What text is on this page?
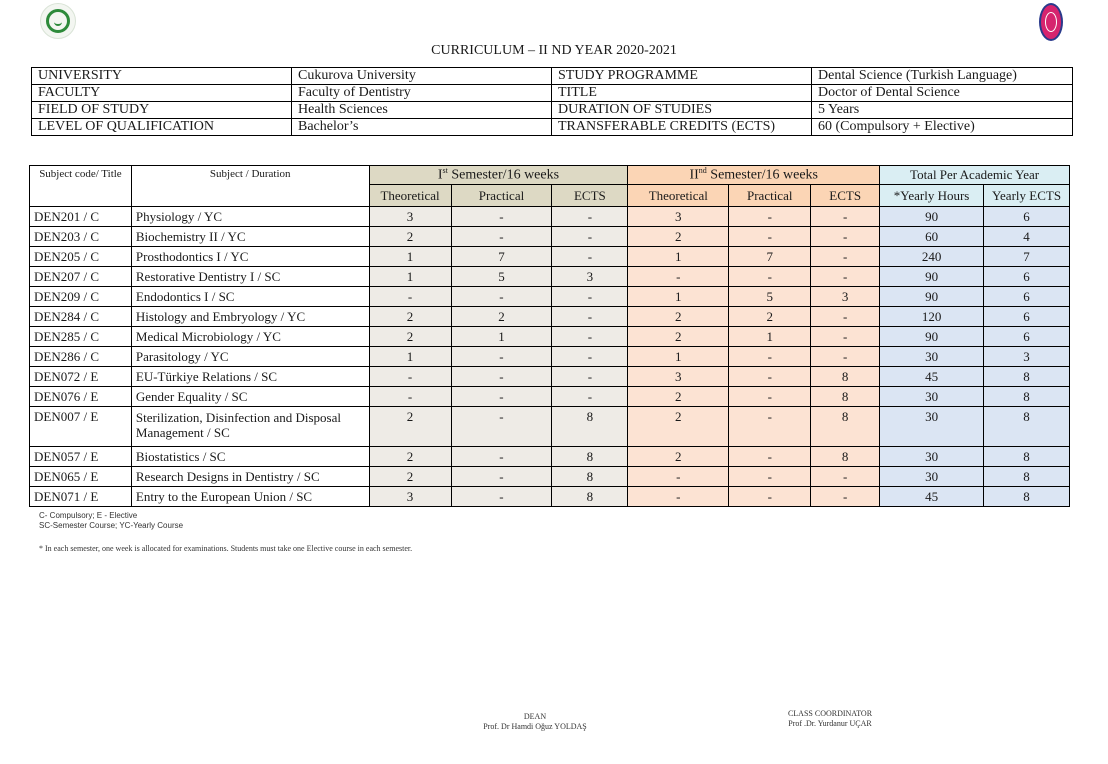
CURRICULUM – II ND YEAR 2020-2021
UNIVERSITY	Cukurova University	STUDY PROGRAMME	Dental Science (Turkish Language)
FACULTY	Faculty of Dentistry	TITLE	Doctor of Dental Science
FIELD OF STUDY	Health Sciences	DURATION OF STUDIES	5 Years
LEVEL OF QUALIFICATION	Bachelor’s	TRANSFERABLE CREDITS (ECTS)	60 (Compulsory + Elective)
Subject code/ Title	Subject / Duration	Ist Semester/16 weeks			IInd Semester/16 weeks			Total Per Academic Year	
		Theoretical	Practical	ECTS	Theoretical	Practical	ECTS	*Yearly Hours	Yearly ECTS
DEN201 / C	Physiology / YC	3	-	-	3	-	-	90	6
DEN203 / C	Biochemistry II / YC	2	-	-	2	-	-	60	4
DEN205 / C	Prosthodontics I / YC	1	7	-	1	7	-	240	7
DEN207 / C	Restorative Dentistry I / SC	1	5	3	-	-	-	90	6
DEN209 / C	Endodontics I / SC	-	-	-	1	5	3	90	6
DEN284 / C	Histology and Embryology / YC	2	2	-	2	2	-	120	6
DEN285 / C	Medical Microbiology / YC	2	1	-	2	1	-	90	6
DEN286 / C	Parasitology / YC	1	-	-	1	-	-	30	3
DEN072 / E	EU-Türkiye Relations / SC	-	-	-	3	-	8	45	8
DEN076 / E	Gender Equality / SC	-	-	-	2	-	8	30	8
DEN007 / E	Sterilization, Disinfection and Disposal Management / SC	2	-	8	2	-	8	30	8
DEN057 / E	Biostatistics / SC	2	-	8	2	-	8	30	8
DEN065 / E	Research Designs in Dentistry / SC	2	-	8	-	-	-	30	8
DEN071 / E	Entry to the European Union / SC	3	-	8	-	-	-	45	8
C- Compulsory; E - Elective
SC-Semester Course; YC-Yearly Course
* In each semester, one week is allocated for examinations. Students must take one Elective course in each semester.
DEAN
Prof. Dr Hamdi Oğuz YOLDAŞ
CLASS COORDINATOR
Prof .Dr. Yurdanur UÇAR
